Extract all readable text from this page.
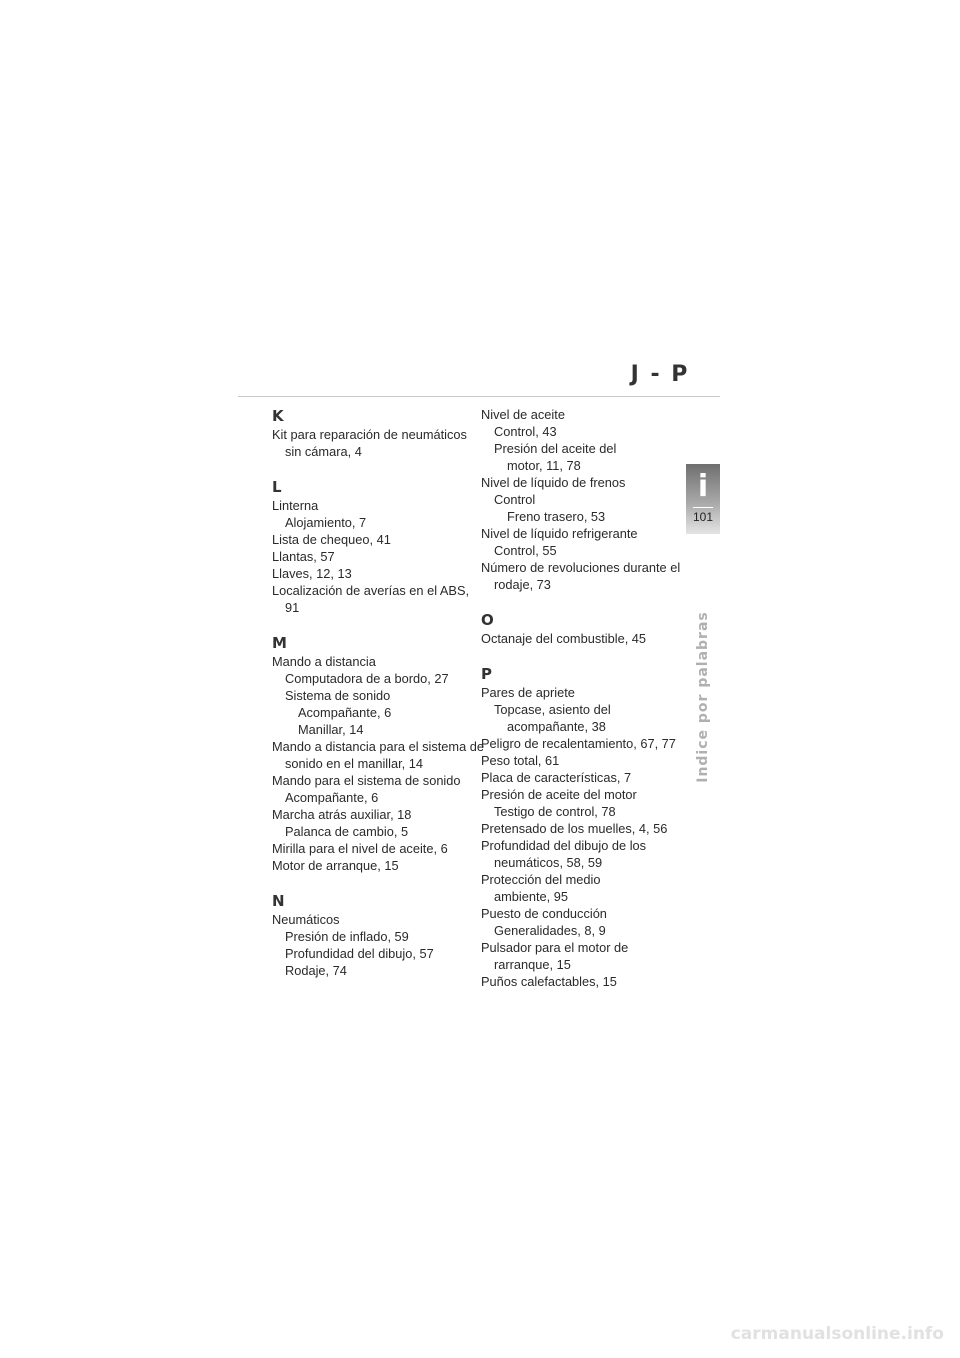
J - P
K
Kit para reparación de neumáticos sin cámara, 4
L
Linterna
Alojamiento, 7
Lista de chequeo, 41
Llantas, 57
Llaves, 12, 13
Localización de averías en el ABS, 91
M
Mando a distancia
Computadora de a bordo, 27
Sistema de sonido
Acompañante, 6
Manillar, 14
Mando a distancia para el sistema de sonido en el manillar, 14
Mando para el sistema de sonido
Acompañante, 6
Marcha atrás auxiliar, 18
Palanca de cambio, 5
Mirilla para el nivel de aceite, 6
Motor de arranque, 15
N
Neumáticos
Presión de inflado, 59
Profundidad del dibujo, 57
Rodaje, 74
Nivel de aceite
Control, 43
Presión del aceite del
motor, 11, 78
Nivel de líquido de frenos
Control
Freno trasero, 53
Nivel de líquido refrigerante
Control, 55
Número de revoluciones durante el rodaje, 73
O
Octanaje del combustible, 45
P
Pares de apriete
Topcase, asiento del
acompañante, 38
Peligro de recalentamiento, 67, 77
Peso total, 61
Placa de características, 7
Presión de aceite del motor
Testigo de control, 78
Pretensado de los muelles, 4, 56
Profundidad del dibujo de los
neumáticos, 58, 59
Protección del medio
ambiente, 95
Puesto de conducción
Generalidades, 8, 9
Pulsador para el motor de
rarranque, 15
Puños calefactables, 15
i
101
Indice por palabras
carmanualsonline.info
